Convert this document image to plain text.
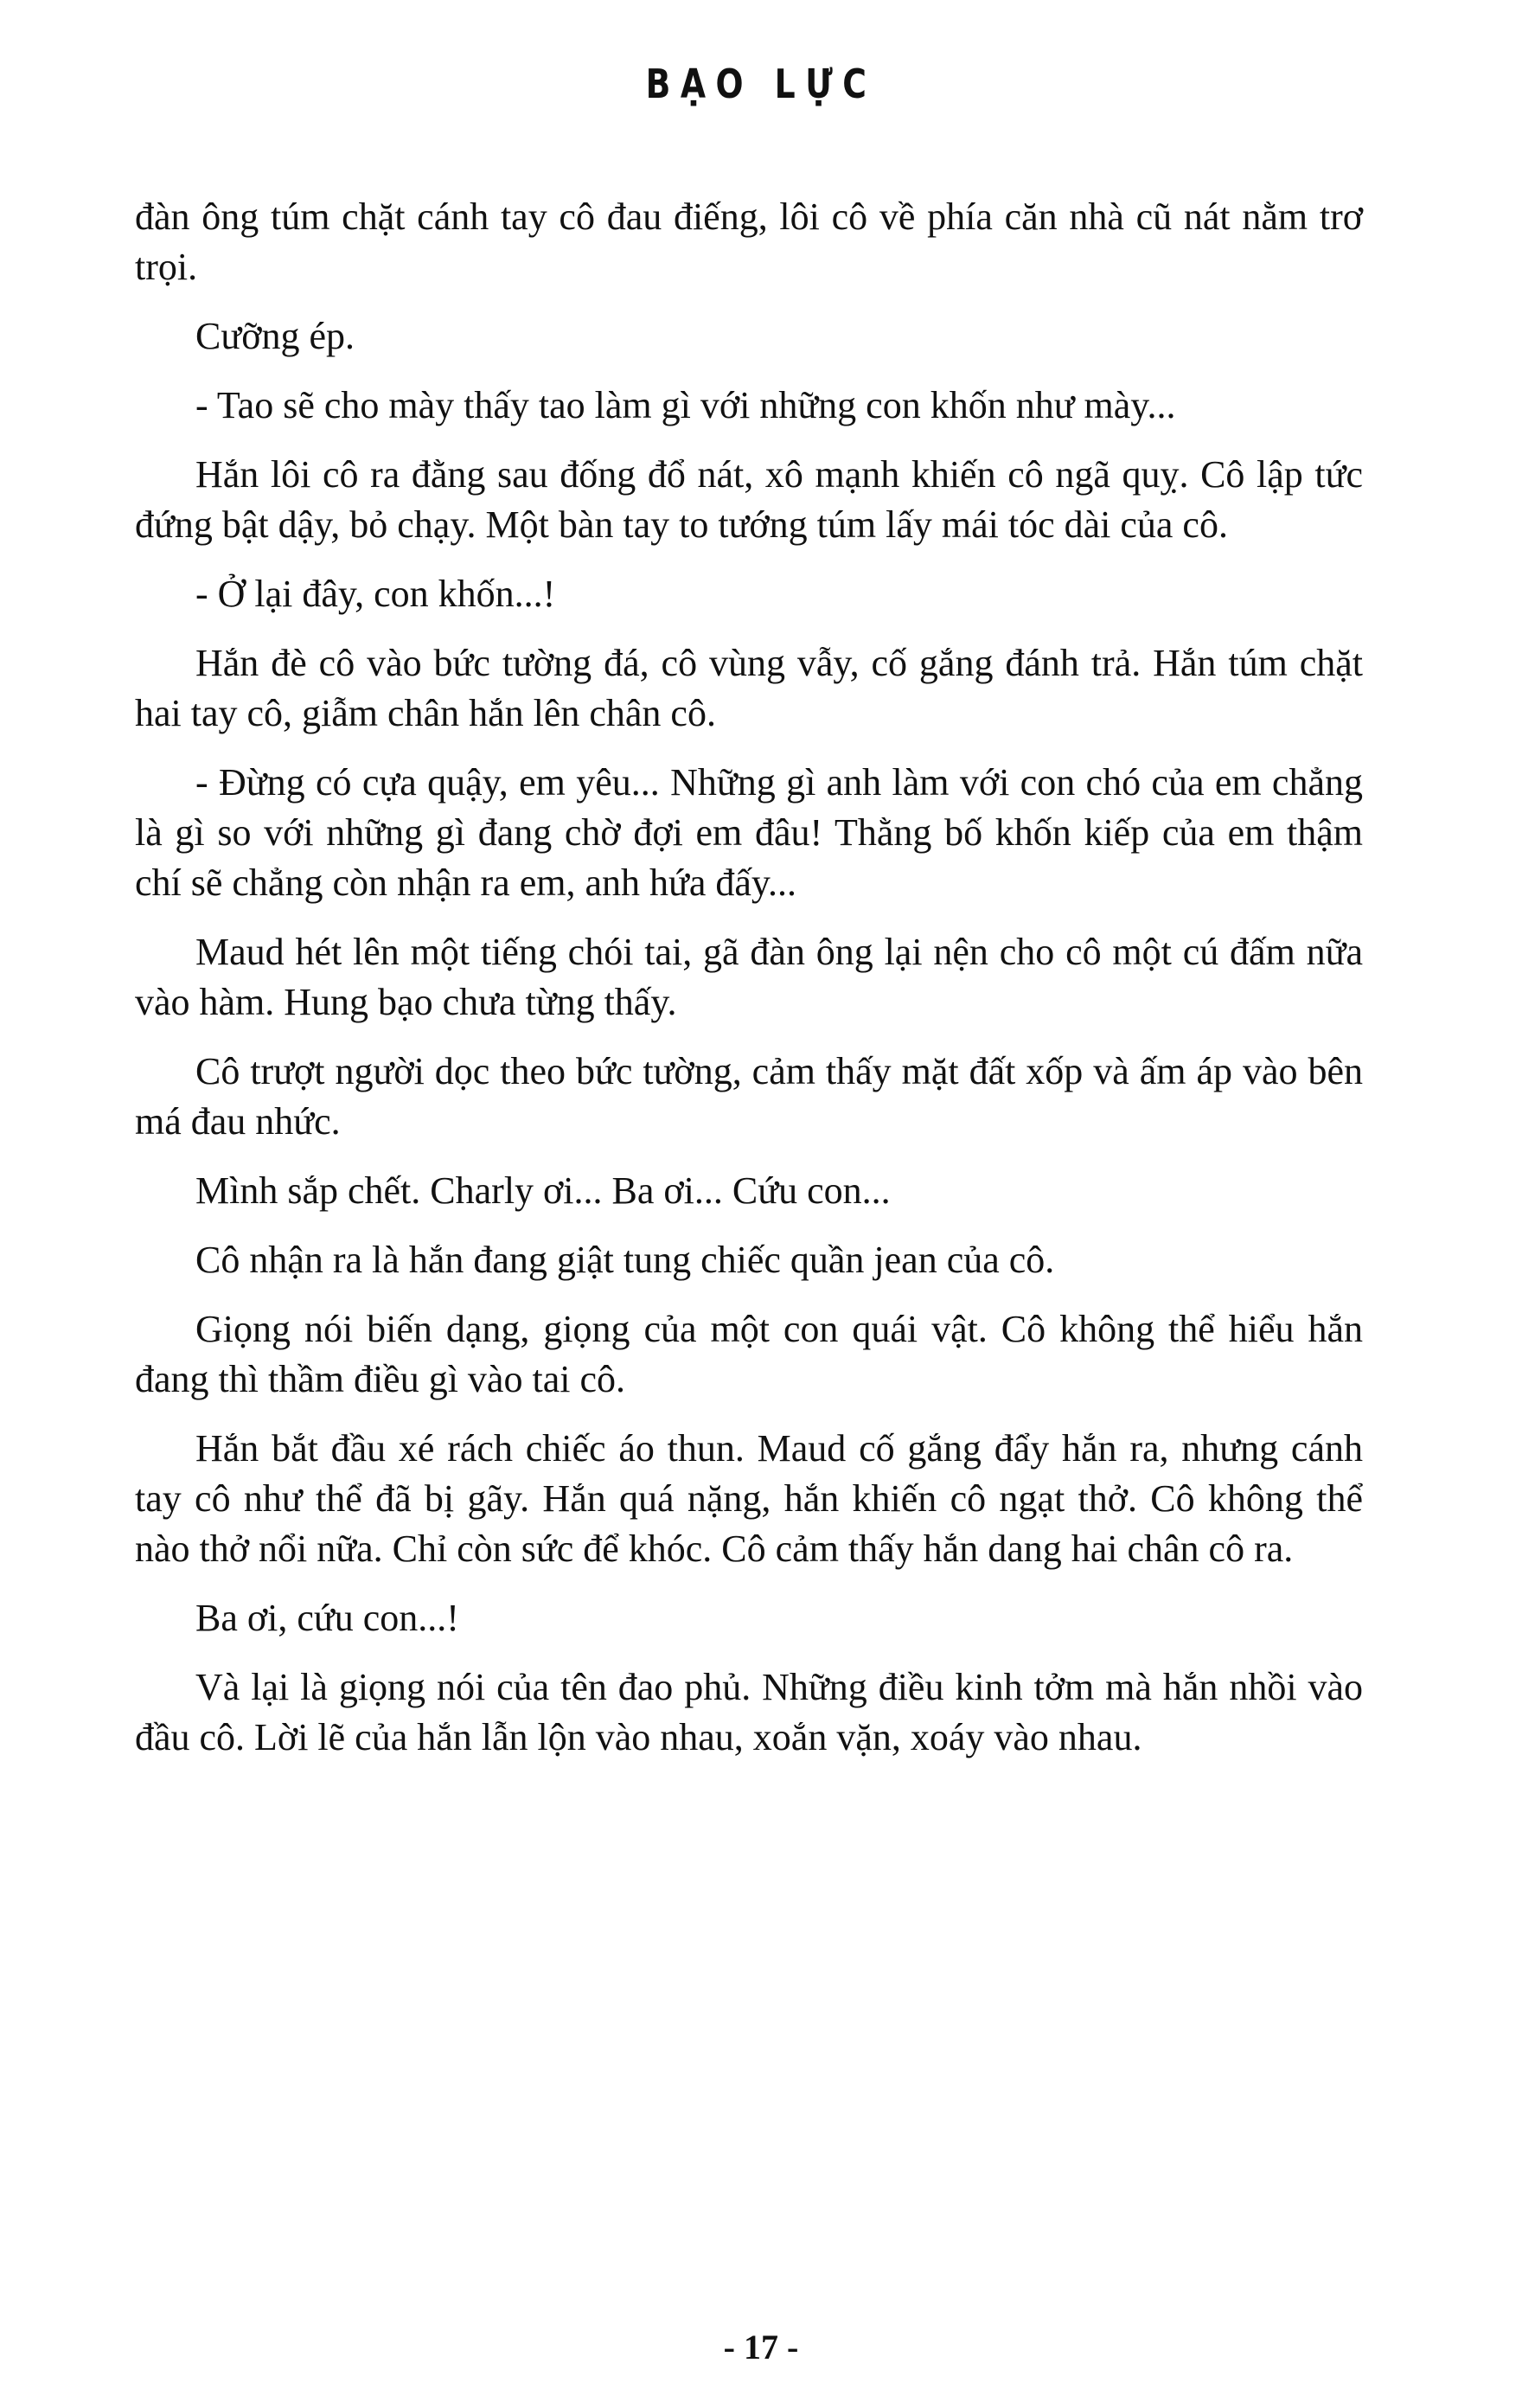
BẠO LỰC

đàn ông túm chặt cánh tay cô đau điếng, lôi cô về phía căn nhà cũ nát nằm trơ trọi.

Cưỡng ép.

- Tao sẽ cho mày thấy tao làm gì với những con khốn như mày...

Hắn lôi cô ra đằng sau đống đổ nát, xô mạnh khiến cô ngã quỵ. Cô lập tức đứng bật dậy, bỏ chạy. Một bàn tay to tướng túm lấy mái tóc dài của cô.

- Ở lại đây, con khốn...!

Hắn đè cô vào bức tường đá, cô vùng vẫy, cố gắng đánh trả. Hắn túm chặt hai tay cô, giẫm chân hắn lên chân cô.

- Đừng có cựa quậy, em yêu... Những gì anh làm với con chó của em chẳng là gì so với những gì đang chờ đợi em đâu! Thằng bố khốn kiếp của em thậm chí sẽ chẳng còn nhận ra em, anh hứa đấy...

Maud hét lên một tiếng chói tai, gã đàn ông lại nện cho cô một cú đấm nữa vào hàm. Hung bạo chưa từng thấy.

Cô trượt người dọc theo bức tường, cảm thấy mặt đất xốp và ấm áp vào bên má đau nhức.

Mình sắp chết. Charly ơi... Ba ơi... Cứu con...

Cô nhận ra là hắn đang giật tung chiếc quần jean của cô.

Giọng nói biến dạng, giọng của một con quái vật. Cô không thể hiểu hắn đang thì thầm điều gì vào tai cô.

Hắn bắt đầu xé rách chiếc áo thun. Maud cố gắng đẩy hắn ra, nhưng cánh tay cô như thể đã bị gãy. Hắn quá nặng, hắn khiến cô ngạt thở. Cô không thể nào thở nổi nữa. Chỉ còn sức để khóc. Cô cảm thấy hắn dang hai chân cô ra.

Ba ơi, cứu con...!

Và lại là giọng nói của tên đao phủ. Những điều kinh tởm mà hắn nhồi vào đầu cô. Lời lẽ của hắn lẫn lộn vào nhau, xoắn vặn, xoáy vào nhau.

- 17 -
